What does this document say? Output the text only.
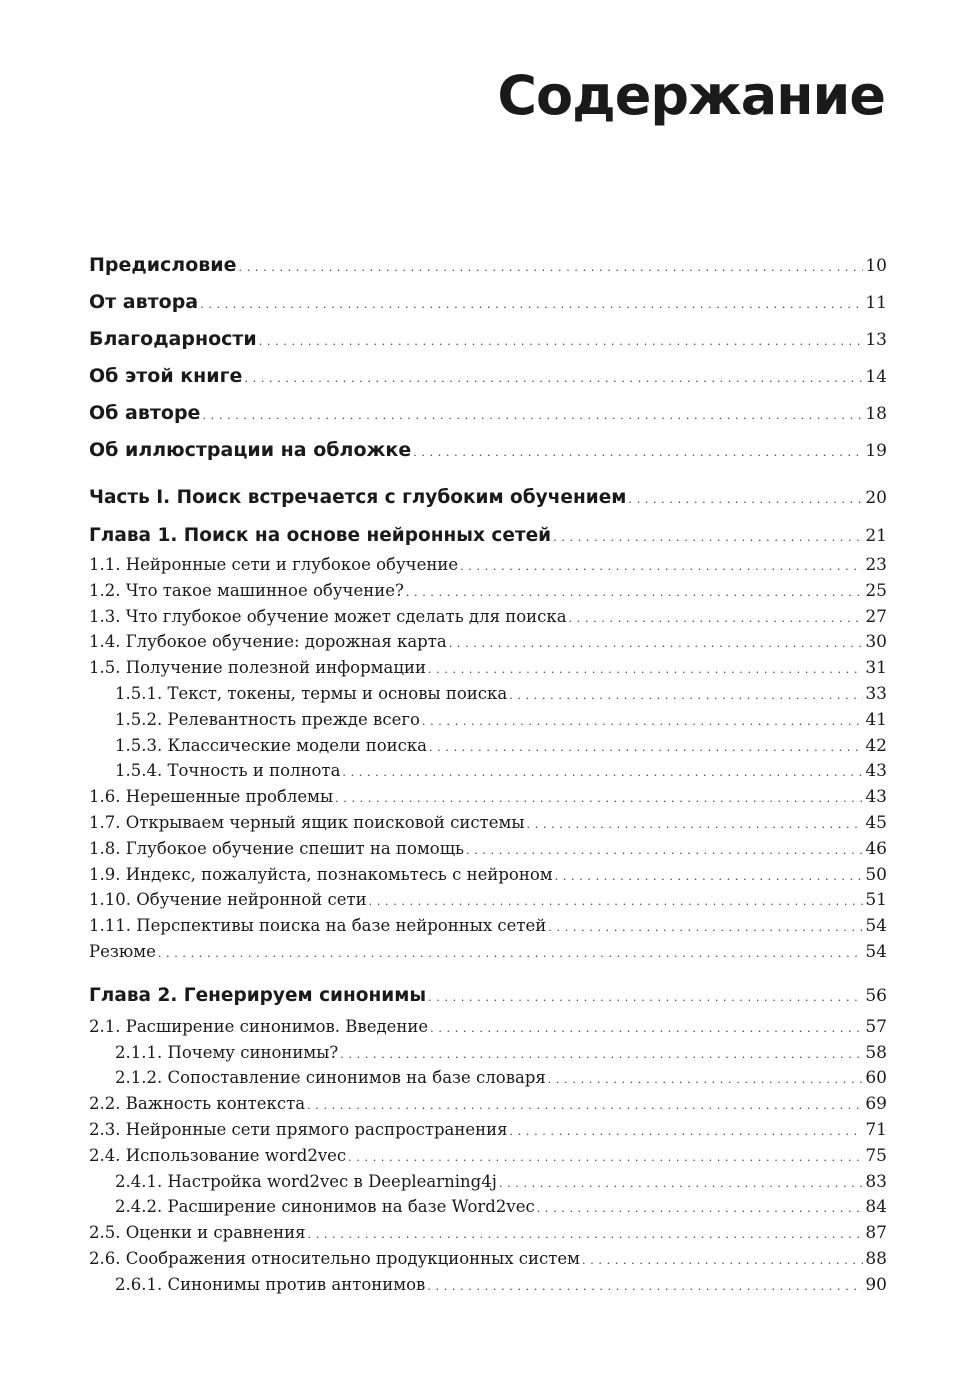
Содержание
Предисловие . . .	10
От автора . . .	11
Благодарности . . .	13
Об этой книге . . .	14
Об авторе . . .	18
Об иллюстрации на обложке . . .	19
Часть I. Поиск встречается с глубоким обучением . . .	20
Глава 1. Поиск на основе нейронных сетей . . .	21
1.1. Нейронные сети и глубокое обучение . . .	23
1.2. Что такое машинное обучение? . . .	25
1.3. Что глубокое обучение может сделать для поиска . . .	27
1.4. Глубокое обучение: дорожная карта . . .	30
1.5. Получение полезной информации . . .	31
1.5.1. Текст, токены, термы и основы поиска . . .	33
1.5.2. Релевантность прежде всего . . .	41
1.5.3. Классические модели поиска . . .	42
1.5.4. Точность и полнота . . .	43
1.6. Нерешенные проблемы . . .	43
1.7. Открываем черный ящик поисковой системы . . .	45
1.8. Глубокое обучение спешит на помощь . . .	46
1.9. Индекс, пожалуйста, познакомьтесь с нейроном . . .	50
1.10. Обучение нейронной сети . . .	51
1.11. Перспективы поиска на базе нейронных сетей . . .	54
Резюме . . .	54
Глава 2. Генерируем синонимы . . .	56
2.1. Расширение синонимов. Введение . . .	57
2.1.1. Почему синонимы? . . .	58
2.1.2. Сопоставление синонимов на базе словаря . . .	60
2.2. Важность контекста . . .	69
2.3. Нейронные сети прямого распространения . . .	71
2.4. Использование word2vec . . .	75
2.4.1. Настройка word2vec в Deeplearning4j . . .	83
2.4.2. Расширение синонимов на базе Word2vec . . .	84
2.5. Оценки и сравнения . . .	87
2.6. Соображения относительно продукционных систем . . .	88
2.6.1. Синонимы против антонимов . . .	90
